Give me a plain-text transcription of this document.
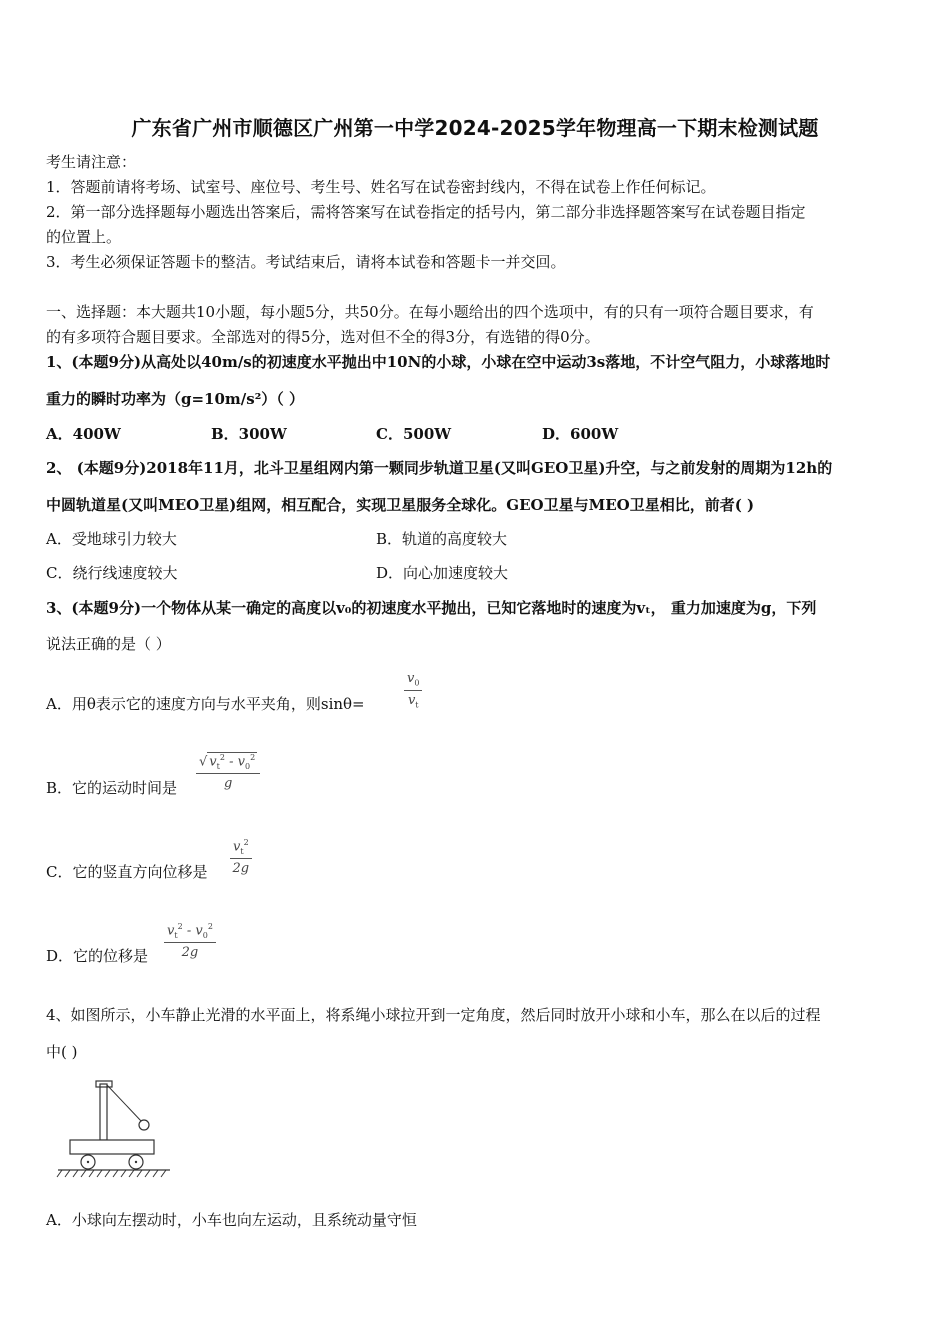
广东省广州市顺德区广州第一中学2024-2025学年物理高一下期末检测试题
考生请注意：
1．答题前请将考场、试室号、座位号、考生号、姓名写在试卷密封线内，不得在试卷上作任何标记。
2．第一部分选择题每小题选出答案后，需将答案写在试卷指定的括号内，第二部分非选择题答案写在试卷题目指定
的位置上。
3．考生必须保证答题卡的整洁。考试结束后，请将本试卷和答题卡一并交回。
一、选择题：本大题共10小题，每小题5分，共50分。在每小题给出的四个选项中，有的只有一项符合题目要求，有
的有多项符合题目要求。全部选对的得5分，选对但不全的得3分，有选错的得0分。
1、(本题9分)从高处以40m/s的初速度水平抛出中10N的小球，小球在空中运动3s落地，不计空气阻力，小球落地时
重力的瞬时功率为（g=10m/s²）（ ）
A．400W	B．300W	C．500W	D．600W
2、 (本题9分)2018年11月，北斗卫星组网内第一颗同步轨道卫星(又叫GEO卫星)升空，与之前发射的周期为12h的
中圆轨道星(又叫MEO卫星)组网，相互配合，实现卫星服务全球化。GEO卫星与MEO卫星相比，前者( )
A．受地球引力较大	B．轨道的高度较大
C．绕行线速度较大	D．向心加速度较大
3、(本题9分)一个物体从某一确定的高度以v₀的初速度水平抛出，已知它落地时的速度为vₜ， 重力加速度为g，下列
说法正确的是（ ）
A．用θ表示它的速度方向与水平夹角，则sinθ=	$\frac{v_0}{v_t}$
B．它的运动时间是 $\frac{√ v_t^2 - v_0^2}{g}$
C．它的竖直方向位移是 $\frac{v_t^2}{2g}$
D．它的位移是 $\frac{v_t^2 - v_0^2}{2g}$
4、如图所示，小车静止光滑的水平面上，将系绳小球拉开到一定角度，然后同时放开小球和小车，那么在以后的过程
中( )
A．小球向左摆动时，小车也向左运动，且系统动量守恒
